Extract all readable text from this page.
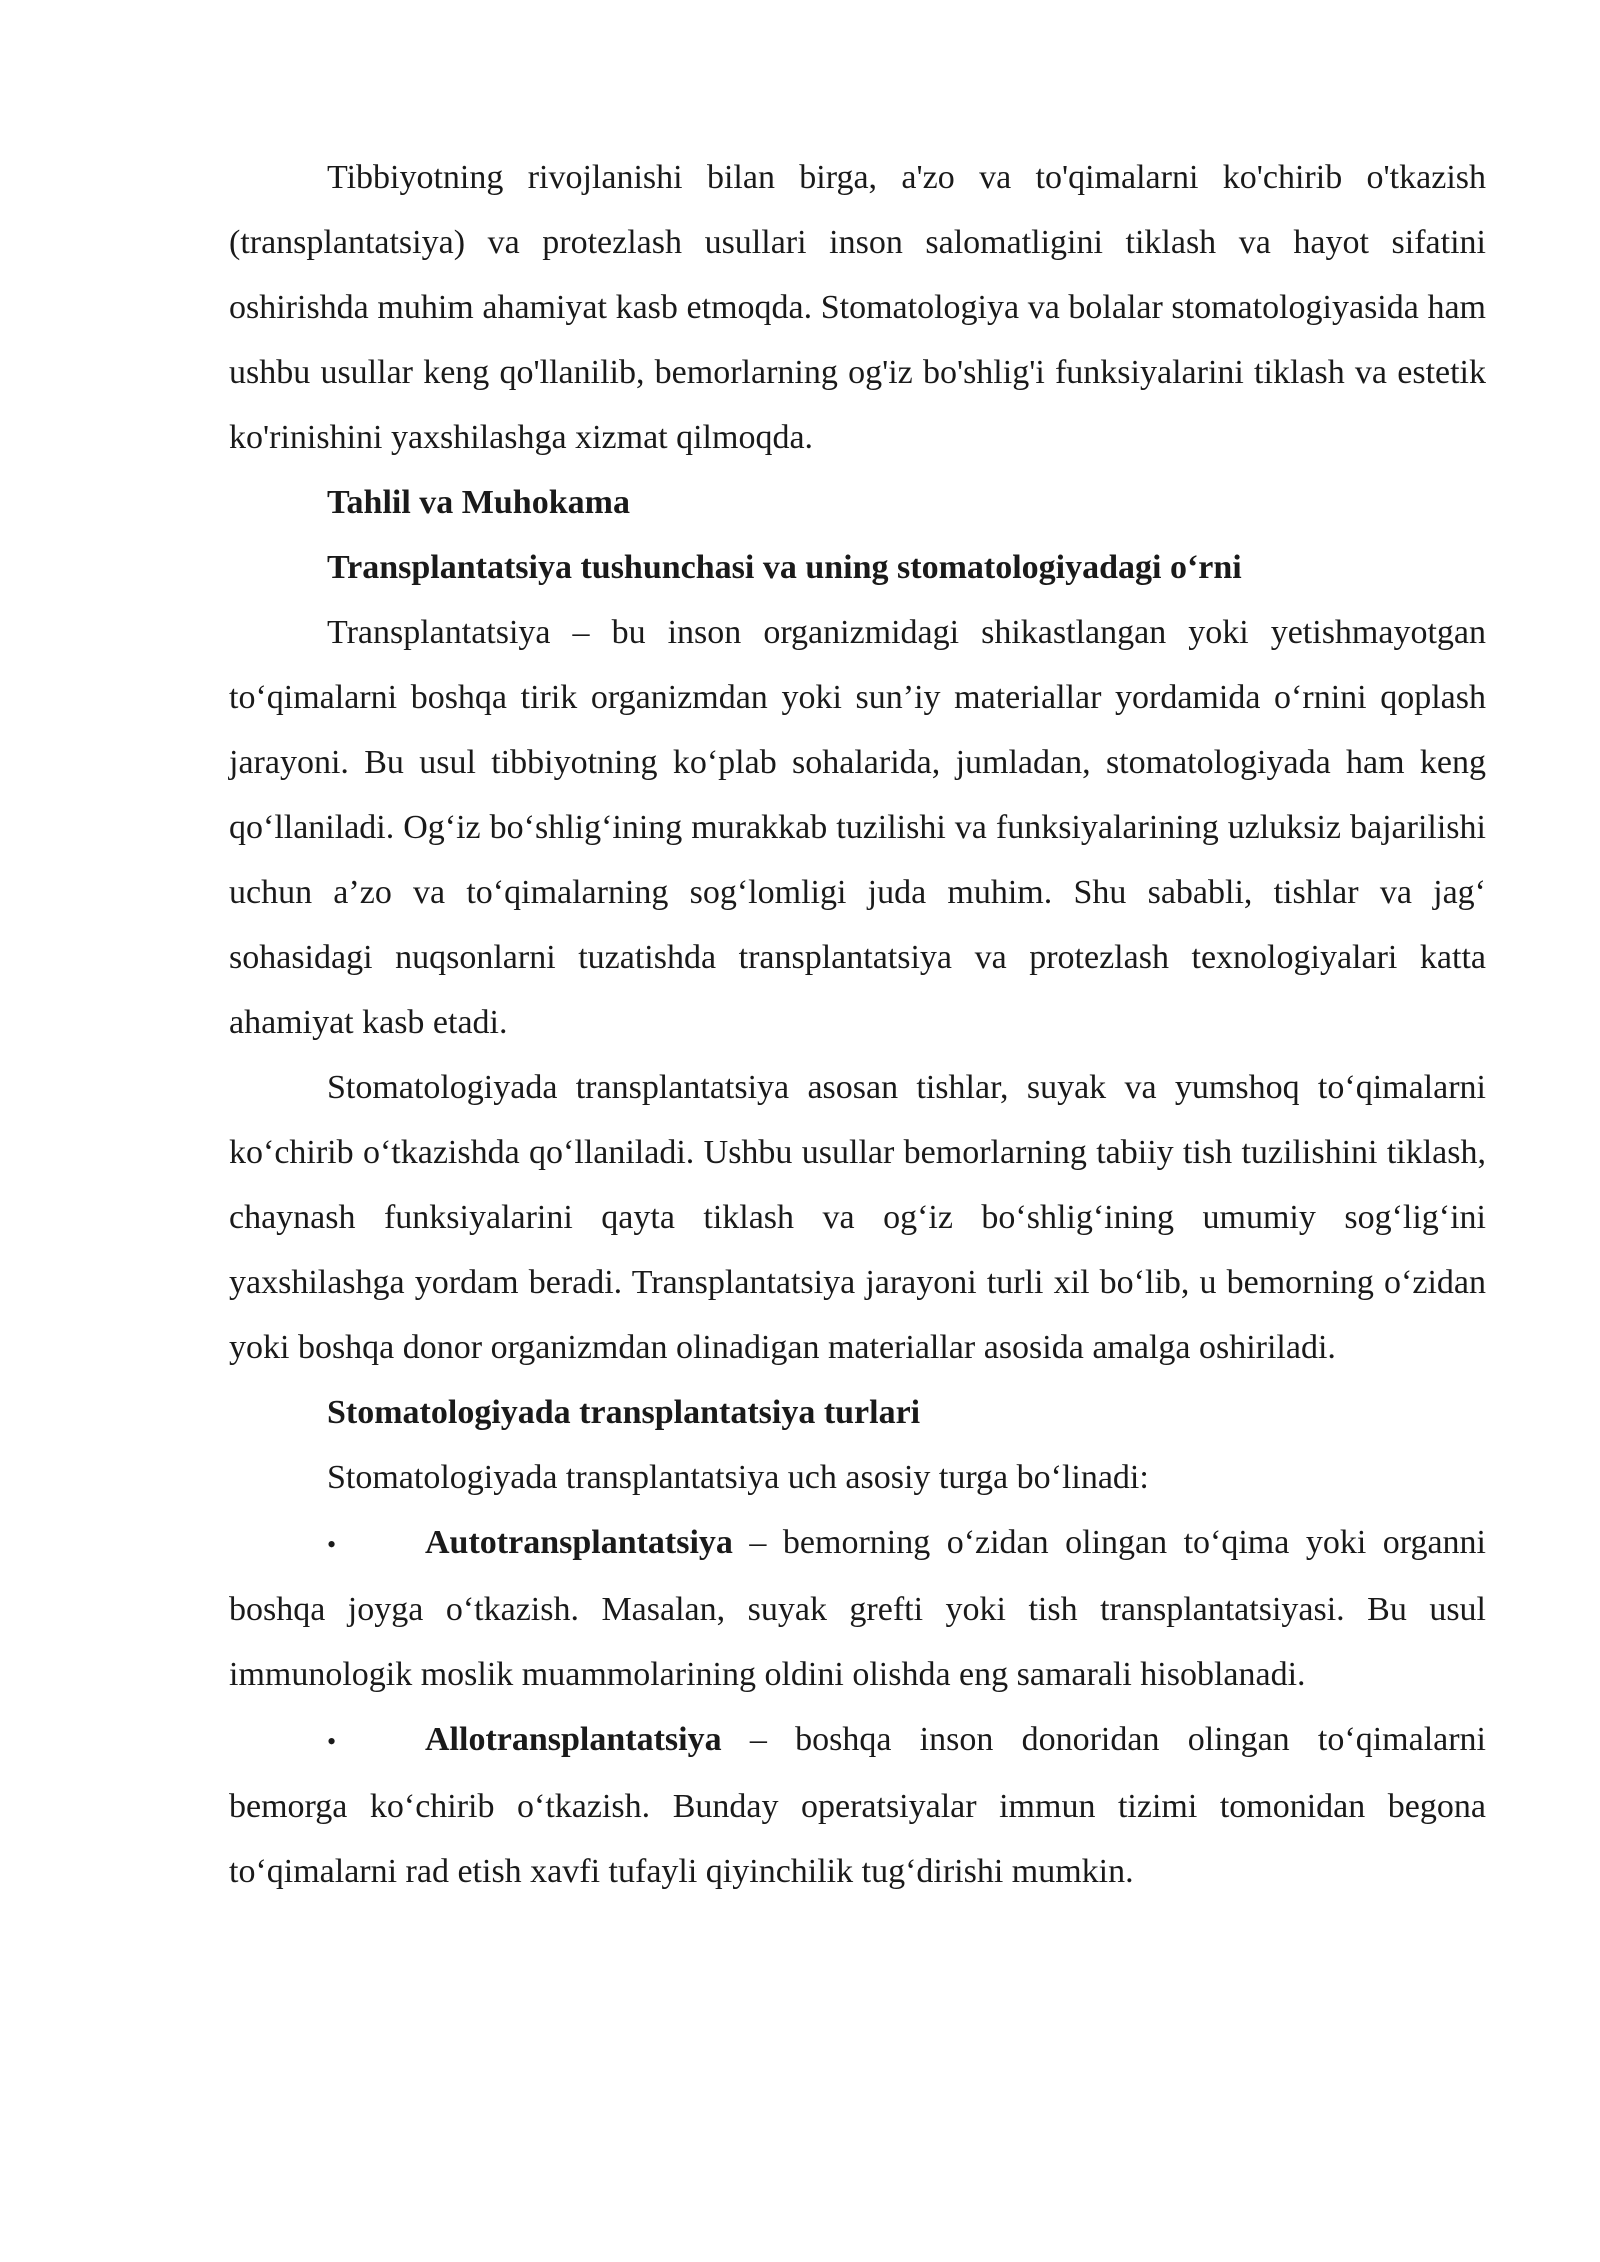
Tibbiyotning rivojlanishi bilan birga, a'zo va to'qimalarni ko'chirib o'tkazish (transplantatsiya) va protezlash usullari inson salomatligini tiklash va hayot sifatini oshirishda muhim ahamiyat kasb etmoqda. Stomatologiya va bolalar stomatologiyasida ham ushbu usullar keng qo'llanilib, bemorlarning og'iz bo'shlig'i funksiyalarini tiklash va estetik ko'rinishini yaxshilashga xizmat qilmoqda.

Tahlil va Muhokama

Transplantatsiya tushunchasi va uning stomatologiyadagi o‘rni

Transplantatsiya – bu inson organizmidagi shikastlangan yoki yetishmayotgan to‘qimalarni boshqa tirik organizmdan yoki sun’iy materiallar yordamida o‘rnini qoplash jarayoni. Bu usul tibbiyotning ko‘plab sohalarida, jumladan, stomatologiyada ham keng qo‘llaniladi. Og‘iz bo‘shlig‘ining murakkab tuzilishi va funksiyalarining uzluksiz bajarilishi uchun a’zo va to‘qimalarning sog‘lomligi juda muhim. Shu sababli, tishlar va jag‘ sohasidagi nuqsonlarni tuzatishda transplantatsiya va protezlash texnologiyalari katta ahamiyat kasb etadi.

Stomatologiyada transplantatsiya asosan tishlar, suyak va yumshoq to‘qimalarni ko‘chirib o‘tkazishda qo‘llaniladi. Ushbu usullar bemorlarning tabiiy tish tuzilishini tiklash, chaynash funksiyalarini qayta tiklash va og‘iz bo‘shlig‘ining umumiy sog‘lig‘ini yaxshilashga yordam beradi. Transplantatsiya jarayoni turli xil bo‘lib, u bemorning o‘zidan yoki boshqa donor organizmdan olinadigan materiallar asosida amalga oshiriladi.

Stomatologiyada transplantatsiya turlari

Stomatologiyada transplantatsiya uch asosiy turga bo‘linadi:

•	Autotransplantatsiya – bemorning o‘zidan olingan to‘qima yoki organni boshqa joyga o‘tkazish. Masalan, suyak grefti yoki tish transplantatsiyasi. Bu usul immunologik moslik muammolarining oldini olishda eng samarali hisoblanadi.

•	Allotransplantatsiya – boshqa inson donoridan olingan to‘qimalarni bemorga ko‘chirib o‘tkazish. Bunday operatsiyalar immun tizimi tomonidan begona to‘qimalarni rad etish xavfi tufayli qiyinchilik tug‘dirishi mumkin.
